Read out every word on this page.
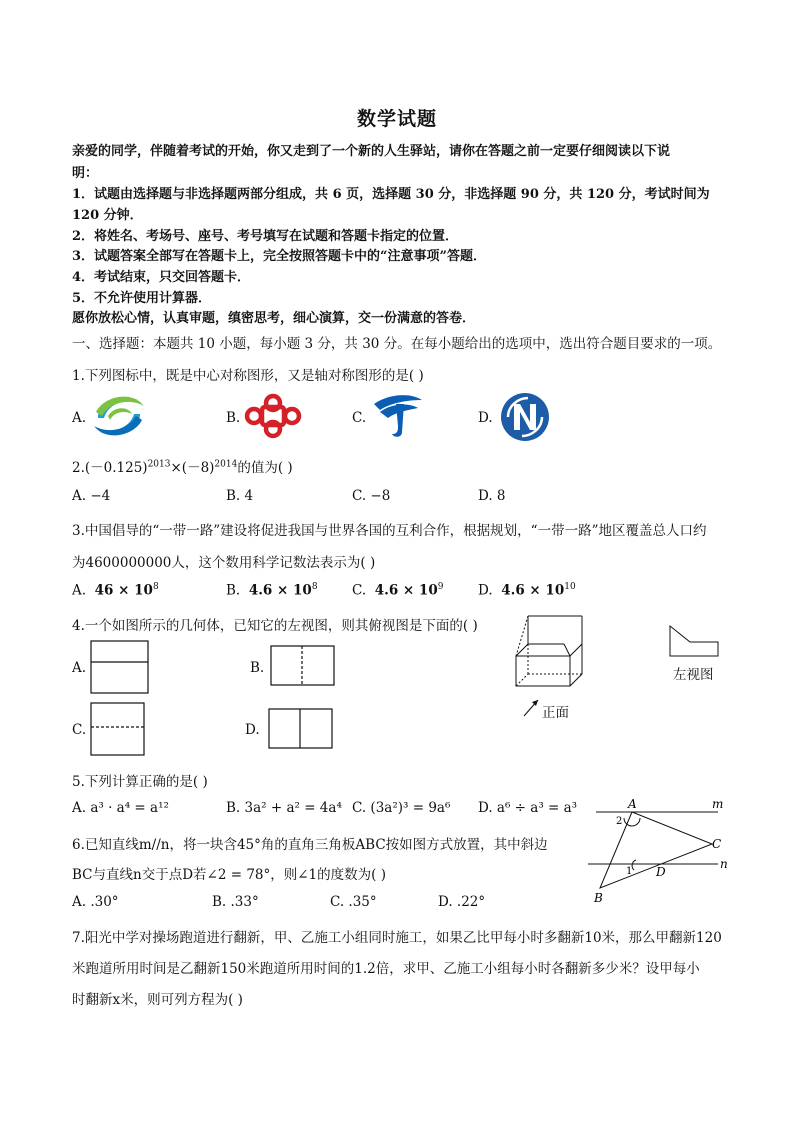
数学试题
亲爱的同学，伴随着考试的开始，你又走到了一个新的人生驿站，请你在答题之前一定要仔细阅读以下说
明：
1．试题由选择题与非选择题两部分组成，共 6 页，选择题 30 分，非选择题 90 分，共 120 分，考试时间为
120 分钟．
2．将姓名、考场号、座号、考号填写在试题和答题卡指定的位置．
3．试题答案全部写在答题卡上，完全按照答题卡中的“注意事项”答题．
4．考试结束，只交回答题卡．
5．不允许使用计算器．
愿你放松心情，认真审题，缜密思考，细心演算，交一份满意的答卷．
一、选择题：本题共 10 小题，每小题 3 分，共 30 分。在每小题给出的选项中，选出符合题目要求的一项。
1.下列图标中，既是中心对称图形，又是轴对称图形的是( )
A.	B.	C.	D.
$2.(-0.125)^{2013}\times(-8)^{2014}$的值为( )
A. −4	B. 4	C. −8	D. 8
3.中国倡导的“一带一路”建设将促进我国与世界各国的互利合作，根据规划，“一带一路”地区覆盖总人口约
为4600000000人，这个数用科学记数法表示为( )
A. $46 \times 10^8$	B. $4.6 \times 10^8$	C. $4.6 \times 10^9$	D. $4.6 \times 10^{10}$
4.一个如图所示的几何体，已知它的左视图，则其俯视图是下面的( )
A.	B.
C.	D.
正面
左视图
5.下列计算正确的是( )
A. a³ · a⁴ = a¹²	B. 3a² + a² = 4a⁴ C. (3a²)³ = 9a⁶ D. a⁶ ÷ a³ = a³
6.已知直线m//n，将一块含45°角的直角三角板ABC按如图方式放置，其中斜边
BC与直线n交于点D若∠2 = 78°，则∠1的度数为( )
A. .30°	B. .33°	C. .35°	D. .22°
A
B
C
D
m
n
1
2
7.阳光中学对操场跑道进行翻新，甲、乙施工小组同时施工，如果乙比甲每小时多翻新10米，那么甲翻新120
米跑道所用时间是乙翻新150米跑道所用时间的1.2倍，求甲、乙施工小组每小时各翻新多少米？设甲每小
时翻新x米，则可列方程为( )
